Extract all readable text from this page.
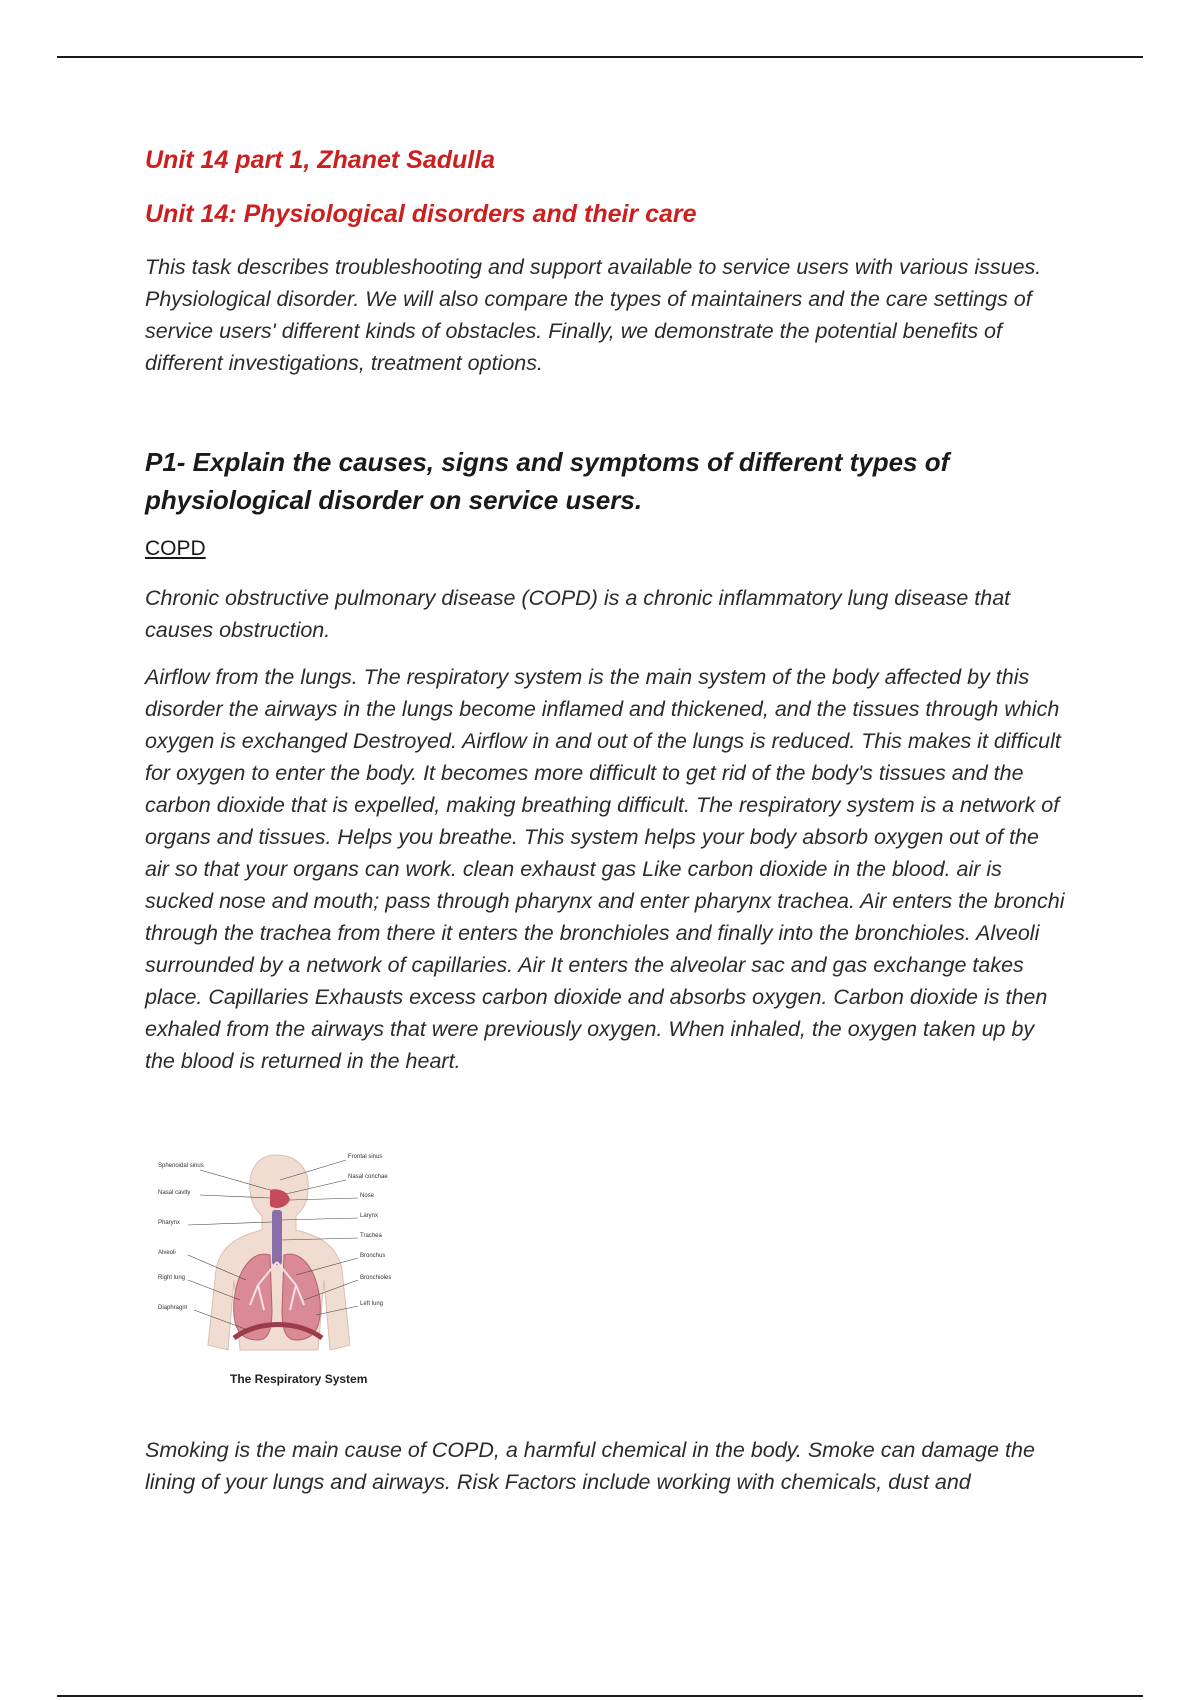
Unit 14 part 1, Zhanet Sadulla
Unit 14: Physiological disorders and their care
This task describes troubleshooting and support available to service users with various issues. Physiological disorder. We will also compare the types of maintainers and the care settings of service users' different kinds of obstacles. Finally, we demonstrate the potential benefits of different investigations, treatment options.
P1- Explain the causes, signs and symptoms of different types of physiological disorder on service users.
COPD
Chronic obstructive pulmonary disease (COPD) is a chronic inflammatory lung disease that causes obstruction.
Airflow from the lungs. The respiratory system is the main system of the body affected by this disorder the airways in the lungs become inflamed and thickened, and the tissues through which oxygen is exchanged Destroyed. Airflow in and out of the lungs is reduced. This makes it difficult for oxygen to enter the body. It becomes more difficult to get rid of the body's tissues and the carbon dioxide that is expelled, making breathing difficult. The respiratory system is a network of organs and tissues. Helps you breathe. This system helps your body absorb oxygen out of the air so that your organs can work. clean exhaust gas Like carbon dioxide in the blood. air is sucked nose and mouth; pass through pharynx and enter pharynx trachea. Air enters the bronchi through the trachea from there it enters the bronchioles and finally into the bronchioles. Alveoli surrounded by a network of capillaries. Air It enters the alveolar sac and gas exchange takes place. Capillaries Exhausts excess carbon dioxide and absorbs oxygen. Carbon dioxide is then exhaled from the airways that were previously oxygen. When inhaled, the oxygen taken up by the blood is returned in the heart.
Smoking is the main cause of COPD, a harmful chemical in the body. Smoke can damage the lining of your lungs and airways. Risk Factors include working with chemicals, dust and
Sphenoidal sinus
Nasal cavity
Pharynx
Alveoli
Right lung
Diaphragm
Frontal sinus
Nasal conchae
Nose
Larynx
Trachea
Bronchus
Bronchioles
Left lung
The Respiratory System
